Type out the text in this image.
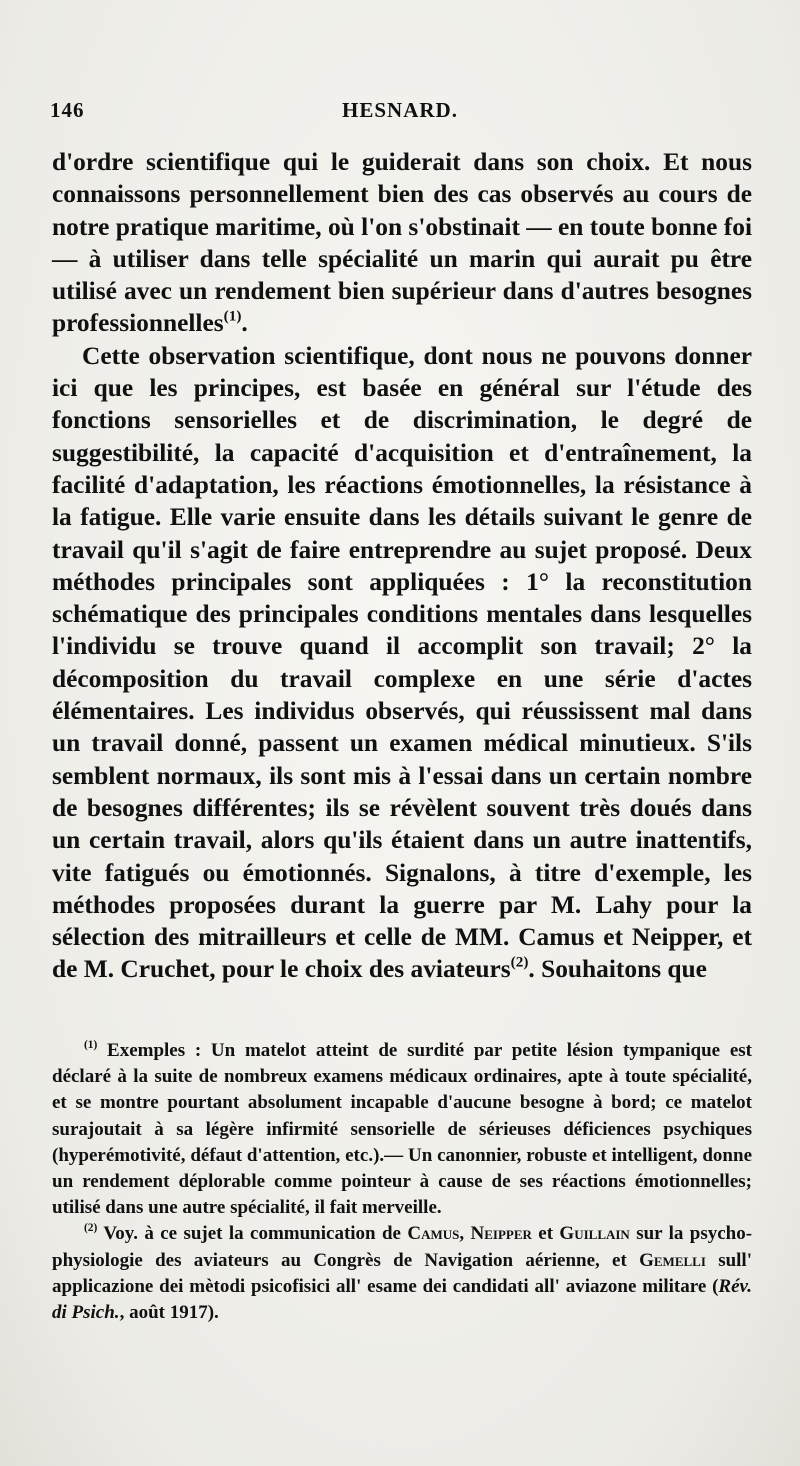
146	HESNARD.

d'ordre scientifique qui le guiderait dans son choix. Et nous connaissons personnellement bien des cas observés au cours de notre pratique maritime, où l'on s'obstinait — en toute bonne foi — à utiliser dans telle spécialité un marin qui aurait pu être utilisé avec un rendement bien supérieur dans d'autres besognes professionnelles$^{(1)}$.

Cette observation scientifique, dont nous ne pouvons donner ici que les principes, est basée en général sur l'étude des fonctions sensorielles et de discrimination, le degré de suggestibilité, la capacité d'acquisition et d'entraînement, la facilité d'adaptation, les réactions émotionnelles, la résistance à la fatigue. Elle varie ensuite dans les détails suivant le genre de travail qu'il s'agit de faire entreprendre au sujet proposé. Deux méthodes principales sont appliquées : 1° la reconstitution schématique des principales conditions mentales dans lesquelles l'individu se trouve quand il accomplit son travail; 2° la décomposition du travail complexe en une série d'actes élémentaires. Les individus observés, qui réussissent mal dans un travail donné, passent un examen médical minutieux. S'ils semblent normaux, ils sont mis à l'essai dans un certain nombre de besognes différentes; ils se révèlent souvent très doués dans un certain travail, alors qu'ils étaient dans un autre inattentifs, vite fatigués ou émotionnés. Signalons, à titre d'exemple, les méthodes proposées durant la guerre par M. Lahy pour la sélection des mitrailleurs et celle de MM. Camus et Neipper, et de M. Cruchet, pour le choix des aviateurs$^{(2)}$. Souhaitons que

$^{(1)}$ Exemples : Un matelot atteint de surdité par petite lésion tympanique est déclaré à la suite de nombreux examens médicaux ordinaires, apte à toute spécialité, et se montre pourtant absolument incapable d'aucune besogne à bord; ce matelot surajoutait à sa légère infirmité sensorielle de sérieuses déficiences psychiques (hyperémotivité, défaut d'attention, etc.).— Un canonnier, robuste et intelligent, donne un rendement déplorable comme pointeur à cause de ses réactions émotionnelles; utilisé dans une autre spécialité, il fait merveille.

$^{(2)}$ Voy. à ce sujet la communication de Camus, Neipper et Guillain sur la psycho-physiologie des aviateurs au Congrès de Navigation aérienne, et Gemelli sull' applicazione dei mètodi psicofisici all' esame dei candidati all' aviazone militare (Rév. di Psich., août 1917).
